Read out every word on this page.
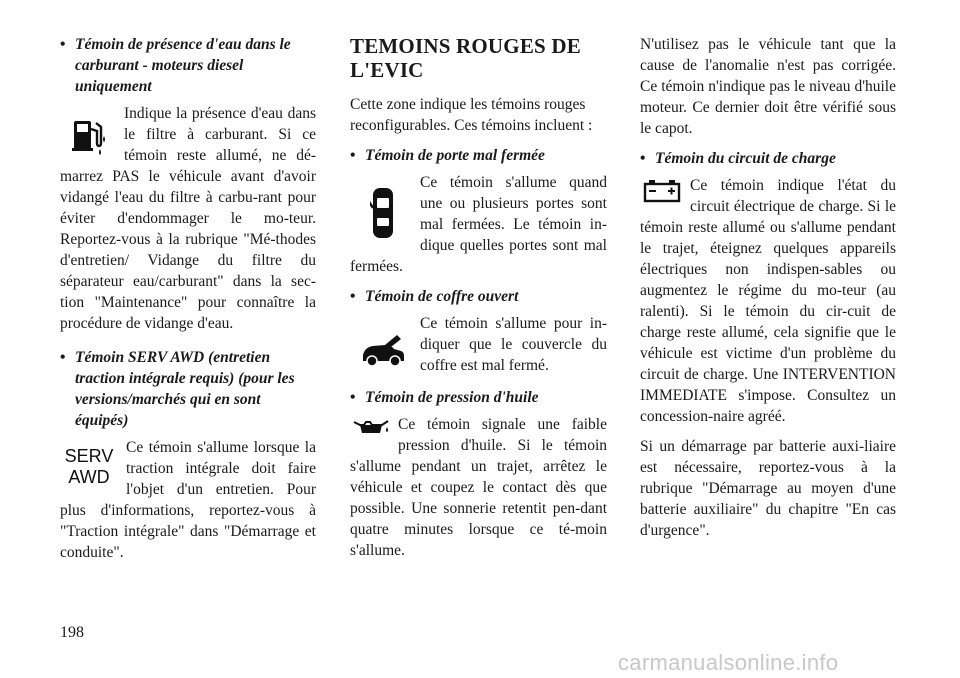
• Témoin de présence d'eau dans le carburant - moteurs diesel uniquement

Indique la présence d'eau dans le filtre à carburant. Si ce témoin reste allumé, ne dé-marrez PAS le véhicule avant d'avoir vidangé l'eau du filtre à carbu-rant pour éviter d'endommager le mo-teur. Reportez-vous à la rubrique "Mé-thodes d'entretien/ Vidange du filtre du séparateur eau/carburant" dans la sec-tion "Maintenance" pour connaître la procédure de vidange d'eau.

• Témoin SERV AWD (entretien traction intégrale requis) (pour les versions/marchés qui en sont équipés)
SERV
AWD

Ce témoin s'allume lorsque la traction intégrale doit faire l'objet d'un entretien. Pour plus d'informations, reportez-vous à "Traction intégrale" dans "Démarrage et conduite".

TEMOINS ROUGES DE L'EVIC

Cette zone indique les témoins rouges reconfigurables. Ces témoins incluent :

• Témoin de porte mal fermée

Ce témoin s'allume quand une ou plusieurs portes sont mal fermées. Le témoin in-dique quelles portes sont mal fermées.

• Témoin de coffre ouvert

Ce témoin s'allume pour in-diquer que le couvercle du coffre est mal fermé.

• Témoin de pression d'huile

Ce témoin signale une faible pression d'huile. Si le témoin s'allume pendant un trajet, arrêtez le véhicule et coupez le contact dès que possible. Une sonnerie retentit pen-dant quatre minutes lorsque ce té-moin s'allume.

N'utilisez pas le véhicule tant que la cause de l'anomalie n'est pas corrigée. Ce témoin n'indique pas le niveau d'huile moteur. Ce dernier doit être vérifié sous le capot.

• Témoin du circuit de charge

Ce témoin indique l'état du circuit électrique de charge. Si le témoin reste allumé ou s'allume pendant le trajet, éteignez quelques appareils électriques non indispen-sables ou augmentez le régime du mo-teur (au ralenti). Si le témoin du cir-cuit de charge reste allumé, cela signifie que le véhicule est victime d'un problème du circuit de charge. Une INTERVENTION IMMEDIATE s'impose. Consultez un concession-naire agréé.

Si un démarrage par batterie auxi-liaire est nécessaire, reportez-vous à la rubrique "Démarrage au moyen d'une batterie auxiliaire" du chapitre "En cas d'urgence".

198
carmanualsonline.info
